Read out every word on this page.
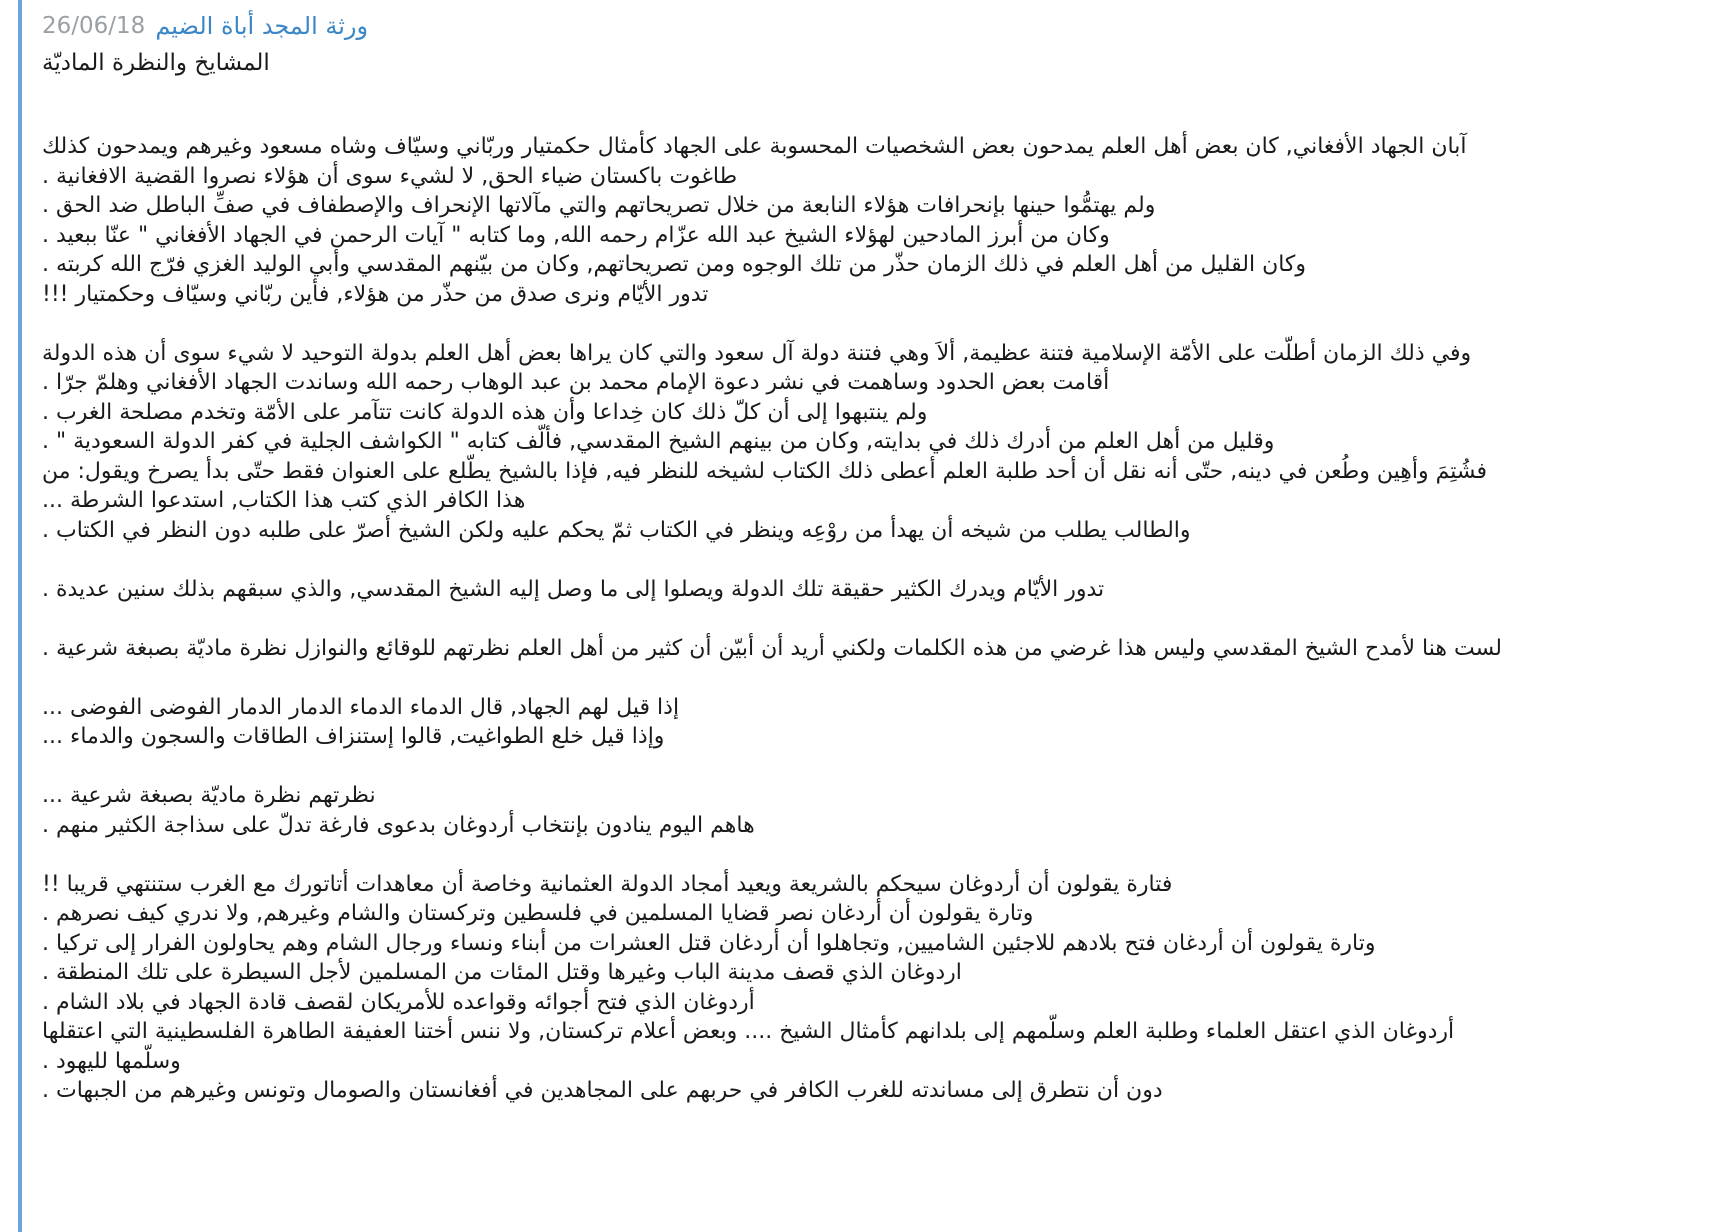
26/06/18 ورثة المجد أباة الضيم
المشايخ والنظرة الماديّة
آبان الجهاد الأفغاني, كان بعض أهل العلم يمدحون بعض الشخصيات المحسوبة على الجهاد كأمثال حكمتيار وربّاني وسيّاف وشاه مسعود وغيرهم ويمدحون كذلك
طاغوت باكستان ضياء الحق, لا لشيء سوى أن هؤلاء نصروا القضية الافغانية .
ولم يهتمُّوا حينها بإنحرافات هؤلاء النابعة من خلال تصريحاتهم والتي مآلاتها الإنحراف والإصطفاف في صفِّ الباطل ضد الحق .
وكان من أبرز المادحين لهؤلاء الشيخ عبد الله عزّام رحمه الله, وما كتابه " آيات الرحمن في الجهاد الأفغاني " عنّا ببعيد .
وكان القليل من أهل العلم في ذلك الزمان حذّر من تلك الوجوه ومن تصريحاتهم, وكان من بيّنهم المقدسي وأبي الوليد الغزي فرّج الله كربته .
تدور الأيّام ونرى صدق من حذّر من هؤلاء, فأين ربّاني وسيّاف وحكمتيار !!!
وفي ذلك الزمان أطلّت على الأمّة الإسلامية فتنة عظيمة, ألاَ وهي فتنة دولة آل سعود والتي كان يراها بعض أهل العلم بدولة التوحيد لا شيء سوى أن هذه الدولة
أقامت بعض الحدود وساهمت في نشر دعوة الإمام محمد بن عبد الوهاب رحمه الله وساندت الجهاد الأفغاني وهلمّ جرّا .
ولم ينتبهوا إلى أن كلّ ذلك كان خِداعا وأن هذه الدولة كانت تتآمر على الأمّة وتخدم مصلحة الغرب .
وقليل من أهل العلم من أدرك ذلك في بدايته, وكان من بينهم الشيخ المقدسي, فألّف كتابه " الكواشف الجلية في كفر الدولة السعودية " .
فشُتِمَ وأهِين وطُعن في دينه, حتّى أنه نقل أن أحد طلبة العلم أعطى ذلك الكتاب لشيخه للنظر فيه, فإذا بالشيخ يطّلع على العنوان فقط حتّى بدأ يصرخ ويقول: من
هذا الكافر الذي كتب هذا الكتاب, استدعوا الشرطة ...
والطالب يطلب من شيخه أن يهدأ من روْعِه وينظر في الكتاب ثمّ يحكم عليه ولكن الشيخ أصرّ على طلبه دون النظر في الكتاب .
تدور الأيّام ويدرك الكثير حقيقة تلك الدولة ويصلوا إلى ما وصل إليه الشيخ المقدسي, والذي سبقهم بذلك سنين عديدة .
لست هنا لأمدح الشيخ المقدسي وليس هذا غرضي من هذه الكلمات ولكني أريد أن أبيّن أن كثير من أهل العلم نظرتهم للوقائع والنوازل نظرة ماديّة بصبغة شرعية .
إذا قيل لهم الجهاد, قال الدماء الدماء الدمار الدمار الفوضى الفوضى ...
وإذا قيل خلع الطواغيت, قالوا إستنزاف الطاقات والسجون والدماء ...
نظرتهم نظرة ماديّة بصبغة شرعية ...
هاهم اليوم ينادون بإنتخاب أردوغان بدعوى فارغة تدلّ على سذاجة الكثير منهم .
فتارة يقولون أن أردوغان سيحكم بالشريعة ويعيد أمجاد الدولة العثمانية وخاصة أن معاهدات أتاتورك مع الغرب ستنتهي قريبا !!
وتارة يقولون أن أردغان نصر قضايا المسلمين في فلسطين وتركستان والشام وغيرهم, ولا ندري كيف نصرهم .
وتارة يقولون أن أردغان فتح بلادهم للاجئين الشاميين, وتجاهلوا أن أردغان قتل العشرات من أبناء ونساء ورجال الشام وهم يحاولون الفرار إلى تركيا .
اردوغان الذي قصف مدينة الباب وغيرها وقتل المئات من المسلمين لأجل السيطرة على تلك المنطقة .
أردوغان الذي فتح أجوائه وقواعده للأمريكان لقصف قادة الجهاد في بلاد الشام .
أردوغان الذي اعتقل العلماء وطلبة العلم وسلّمهم إلى بلدانهم كأمثال الشيخ .... وبعض أعلام تركستان, ولا ننس أختنا العفيفة الطاهرة الفلسطينية التي اعتقلها
وسلّمها لليهود .
دون أن نتطرق إلى مساندته للغرب الكافر في حربهم على المجاهدين في أفغانستان والصومال وتونس وغيرهم من الجبهات .
